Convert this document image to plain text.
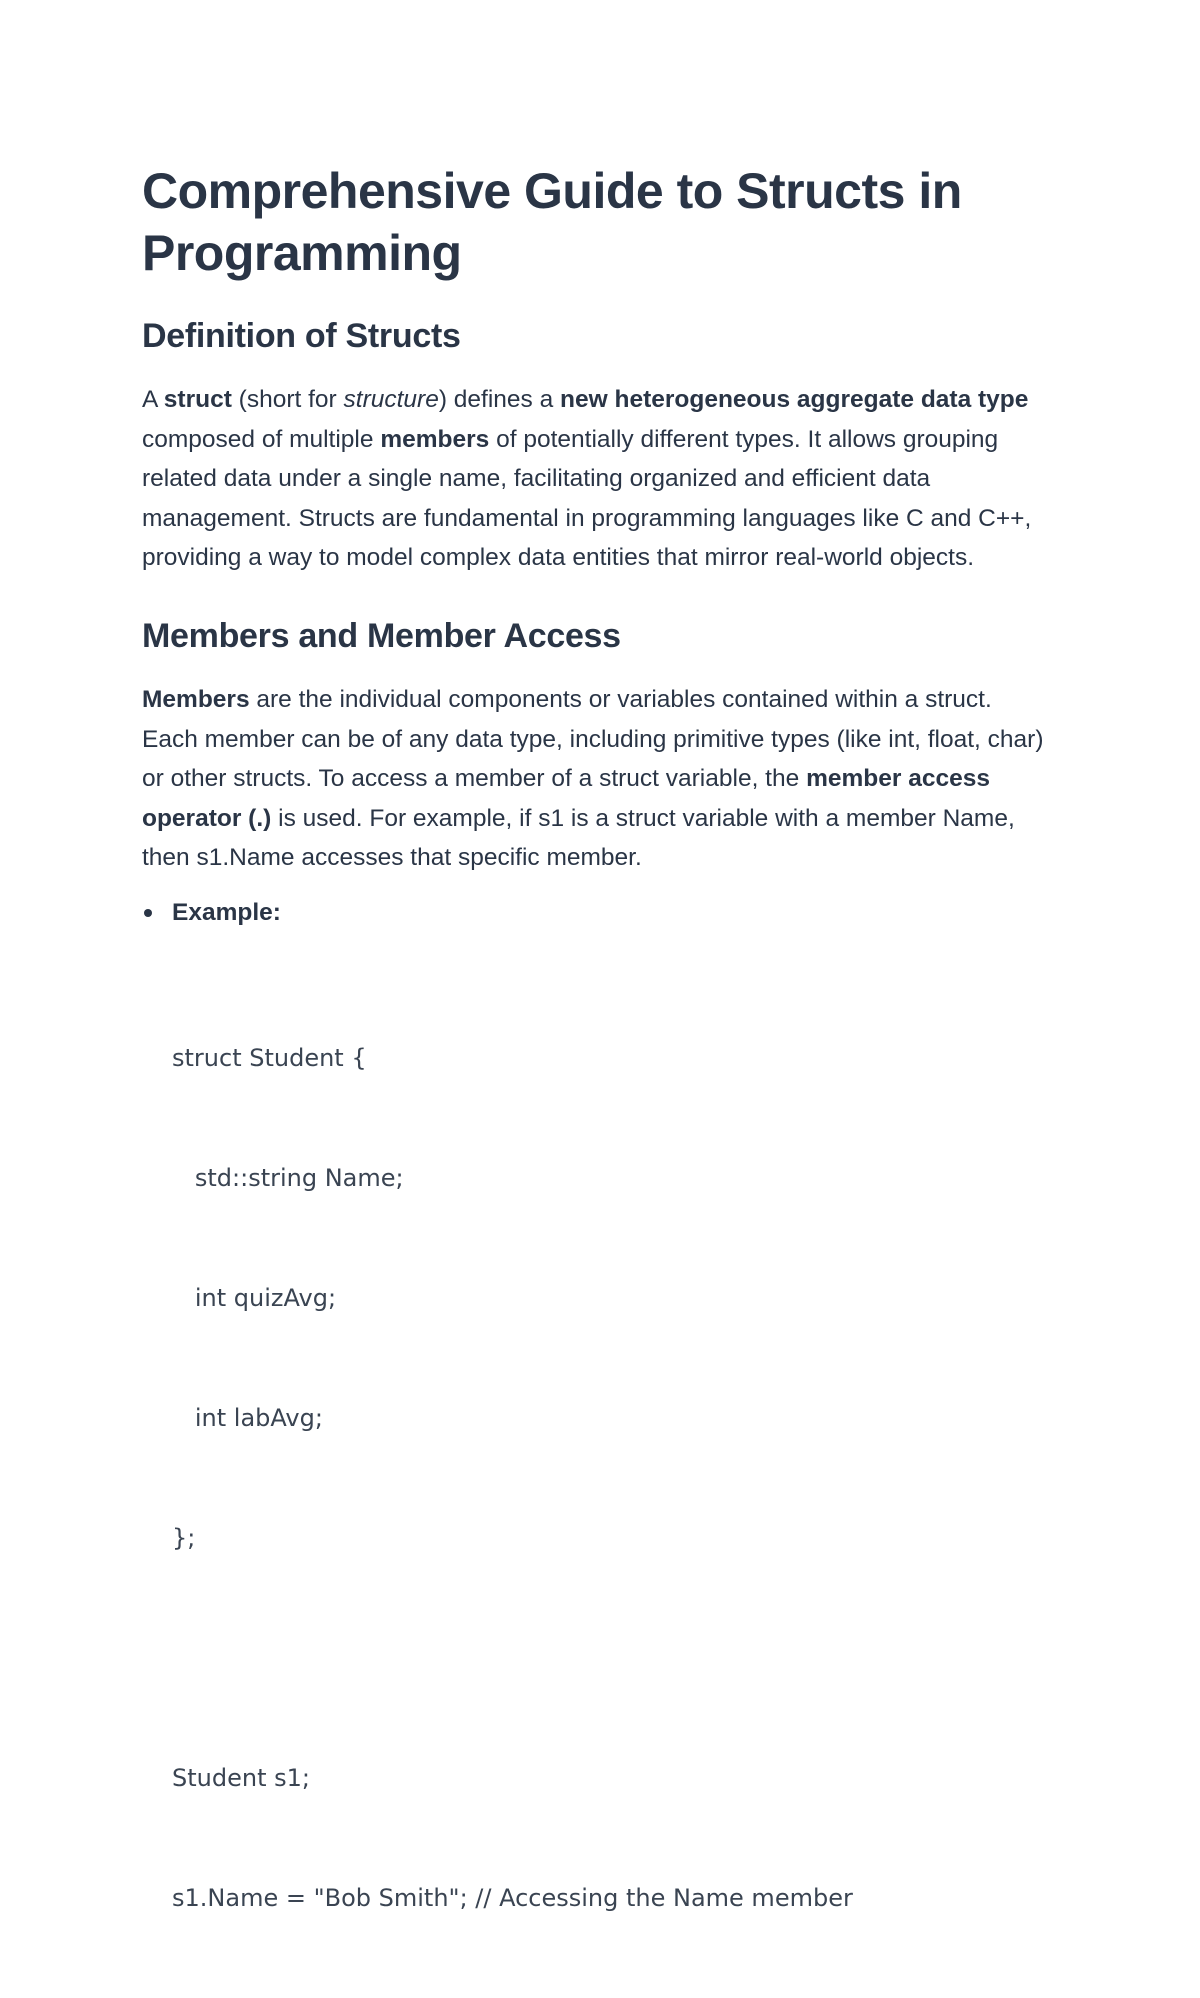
Comprehensive Guide to Structs in Programming
Definition of Structs

A struct (short for structure) defines a new heterogeneous aggregate data type composed of multiple members of potentially different types. It allows grouping related data under a single name, facilitating organized and efficient data management. Structs are fundamental in programming languages like C and C++, providing a way to model complex data entities that mirror real-world objects.

Members and Member Access

Members are the individual components or variables contained within a struct. Each member can be of any data type, including primitive types (like int, float, char) or other structs. To access a member of a struct variable, the member access operator (.) is used. For example, if s1 is a struct variable with a member Name, then s1.Name accesses that specific member.

Example:

struct Student {

std::string Name;

int quizAvg;

int labAvg;

};

Student s1;

s1.Name = "Bob Smith"; // Accessing the Name member
